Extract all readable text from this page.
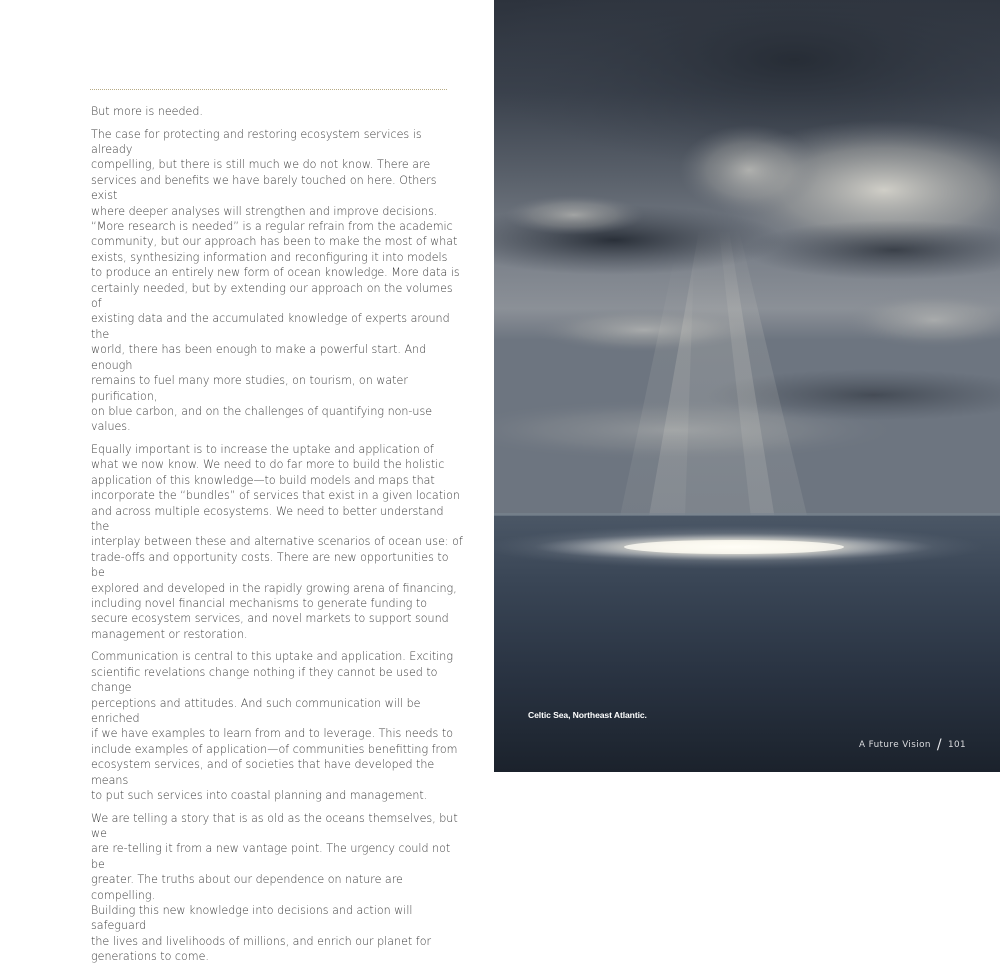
But more is needed.

The case for protecting and restoring ecosystem services is already
compelling, but there is still much we do not know. There are
services and benefits we have barely touched on here. Others exist
where deeper analyses will strengthen and improve decisions.
“More research is needed” is a regular refrain from the academic
community, but our approach has been to make the most of what
exists, synthesizing information and reconfiguring it into models
to produce an entirely new form of ocean knowledge. More data is
certainly needed, but by extending our approach on the volumes of
existing data and the accumulated knowledge of experts around the
world, there has been enough to make a powerful start. And enough
remains to fuel many more studies, on tourism, on water purification,
on blue carbon, and on the challenges of quantifying non-use values.

Equally important is to increase the uptake and application of
what we now know. We need to do far more to build the holistic
application of this knowledge—to build models and maps that
incorporate the “bundles” of services that exist in a given location
and across multiple ecosystems. We need to better understand the
interplay between these and alternative scenarios of ocean use: of
trade-offs and opportunity costs. There are new opportunities to be
explored and developed in the rapidly growing arena of financing,
including novel financial mechanisms to generate funding to
secure ecosystem services, and novel markets to support sound
management or restoration.

Communication is central to this uptake and application. Exciting
scientific revelations change nothing if they cannot be used to change
perceptions and attitudes. And such communication will be enriched
if we have examples to learn from and to leverage. This needs to
include examples of application—of communities benefitting from
ecosystem services, and of societies that have developed the means
to put such services into coastal planning and management.

We are telling a story that is as old as the oceans themselves, but we
are re-telling it from a new vantage point. The urgency could not be
greater. The truths about our dependence on nature are compelling.
Building this new knowledge into decisions and action will safeguard
the lives and livelihoods of millions, and enrich our planet for
generations to come.

Celtic Sea, Northeast Atlantic.
A Future Vision / 101
